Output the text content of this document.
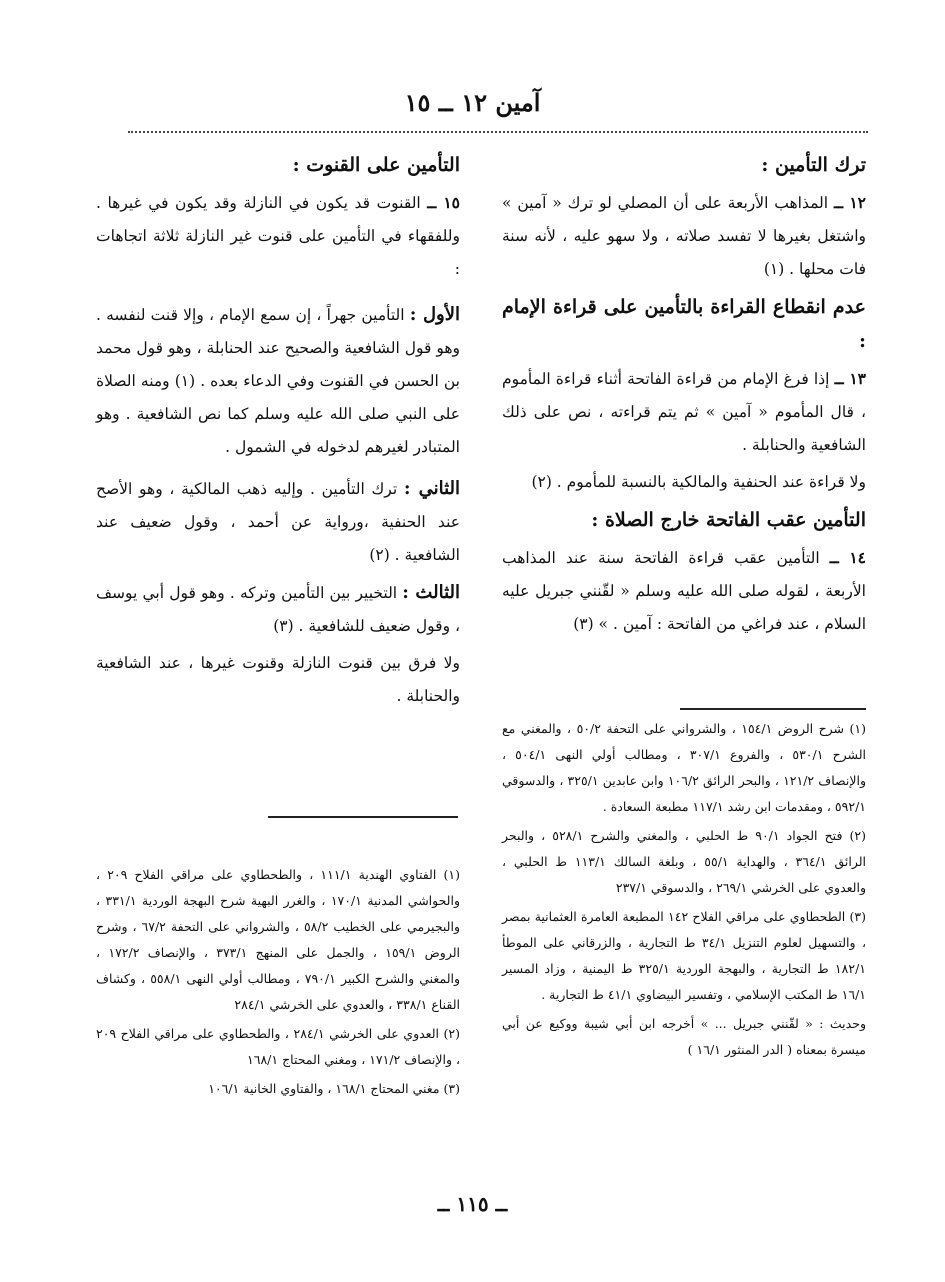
آمين ١٢ ــ ١٥
ترك التأمين :
١٢ ــ المذاهب الأربعة على أن المصلي لو ترك « آمين » واشتغل بغيرها لا تفسد صلاته ، ولا سهو عليه ، لأنه سنة فات محلها . (١)
عدم انقطاع القراءة بالتأمين على قراءة الإمام :
١٣ ــ إذا فرغ الإمام من قراءة الفاتحة أثناء قراءة المأموم ، قال المأموم « آمين » ثم يتم قراءته ، نص على ذلك الشافعية والحنابلة .
ولا قراءة عند الحنفية والمالكية بالنسبة للمأموم . (٢)
التأمين عقب الفاتحة خارج الصلاة :
١٤ ــ التأمين عقب قراءة الفاتحة سنة عند المذاهب الأربعة ، لقوله صلى الله عليه وسلم « لقّنني جبريل عليه السلام ، عند فراغي من الفاتحة : آمين . » (٣)
التأمين على القنوت :
١٥ ــ القنوت قد يكون في النازلة وقد يكون في غيرها . وللفقهاء في التأمين على قنوت غير النازلة ثلاثة اتجاهات :
الأول : التأمين جهراً ، إن سمع الإمام ، وإلا قنت لنفسه . وهو قول الشافعية والصحيح عند الحنابلة ، وهو قول محمد بن الحسن في القنوت وفي الدعاء بعده . (١) ومنه الصلاة على النبي صلى الله عليه وسلم كما نص الشافعية . وهو المتبادر لغيرهم لدخوله في الشمول .
الثاني : ترك التأمين . وإليه ذهب المالكية ، وهو الأصح عند الحنفية ،ورواية عن أحمد ، وقول ضعيف عند الشافعية . (٢)
الثالث : التخيير بين التأمين وتركه . وهو قول أبي يوسف ، وقول ضعيف للشافعية . (٣)
ولا فرق بين قنوت النازلة وقنوت غيرها ، عند الشافعية والحنابلة .
(١) شرح الروض ١٥٤/١ ، والشرواني على التحفة ٥٠/٢ ، والمغني مع الشرح ٥٣٠/١ ، والفروع ٣٠٧/١ ، ومطالب أولي النهى ٥٠٤/١ ، والإنصاف ١٢١/٢ ، والبحر الرائق ١٠٦/٢ وابن عابدين ٣٢٥/١ ، والدسوقي ٥٩٢/١ ، ومقدمات ابن رشد ١١٧/١ مطبعة السعادة .
(٢) فتح الجواد ٩٠/١ ط الحلبي ، والمغني والشرح ٥٢٨/١ ، والبحر الرائق ٣٦٤/١ ، والهداية ٥٥/١ ، وبلغة السالك ١١٣/١ ط الحلبي ، والعدوي على الخرشي ٢٦٩/١ ، والدسوقي ٢٣٧/١
(٣) الطحطاوي على مراقي الفلاح ١٤٢ المطبعة العامرة العثمانية بمصر ، والتسهيل لعلوم التنزيل ٣٤/١ ط التجارية ، والزرقاني على الموطأ ١٨٢/١ ط التجارية ، والبهجة الوردية ٣٢٥/١ ط اليمنية ، وزاد المسير ١٦/١ ط المكتب الإسلامي ، وتفسير البيضاوي ٤١/١ ط التجارية .
وحديث : « لقّنني جبريل ... » أخرجه ابن أبي شيبة ووكيع عن أبي ميسرة بمعناه ( الدر المنثور ١٦/١ )
(١) الفتاوي الهندية ١١١/١ ، والطحطاوي على مراقي الفلاح ٢٠٩ ، والحواشي المدنية ١٧٠/١ ، والغرر البهية شرح البهجة الوردية ٣٣١/١ ، والبجيرمي على الخطيب ٥٨/٢ ، والشرواني على التحفة ٦٧/٢ ، وشرح الروض ١٥٩/١ ، والجمل على المنهج ٣٧٣/١ ، والإنصاف ١٧٢/٢ ، والمغني والشرح الكبير ٧٩٠/١ ، ومطالب أولي النهى ٥٥٨/١ ، وكشاف القناع ٣٣٨/١ ، والعدوي على الخرشي ٢٨٤/١
(٢) العدوي على الخرشي ٢٨٤/١ ، والطحطاوي على مراقي الفلاح ٢٠٩ ، والإنصاف ١٧١/٢ ، ومغني المحتاج ١٦٨/١
(٣) مغني المحتاج ١٦٨/١ ، والفتاوي الخانية ١٠٦/١
ــ ١١٥ ــ
